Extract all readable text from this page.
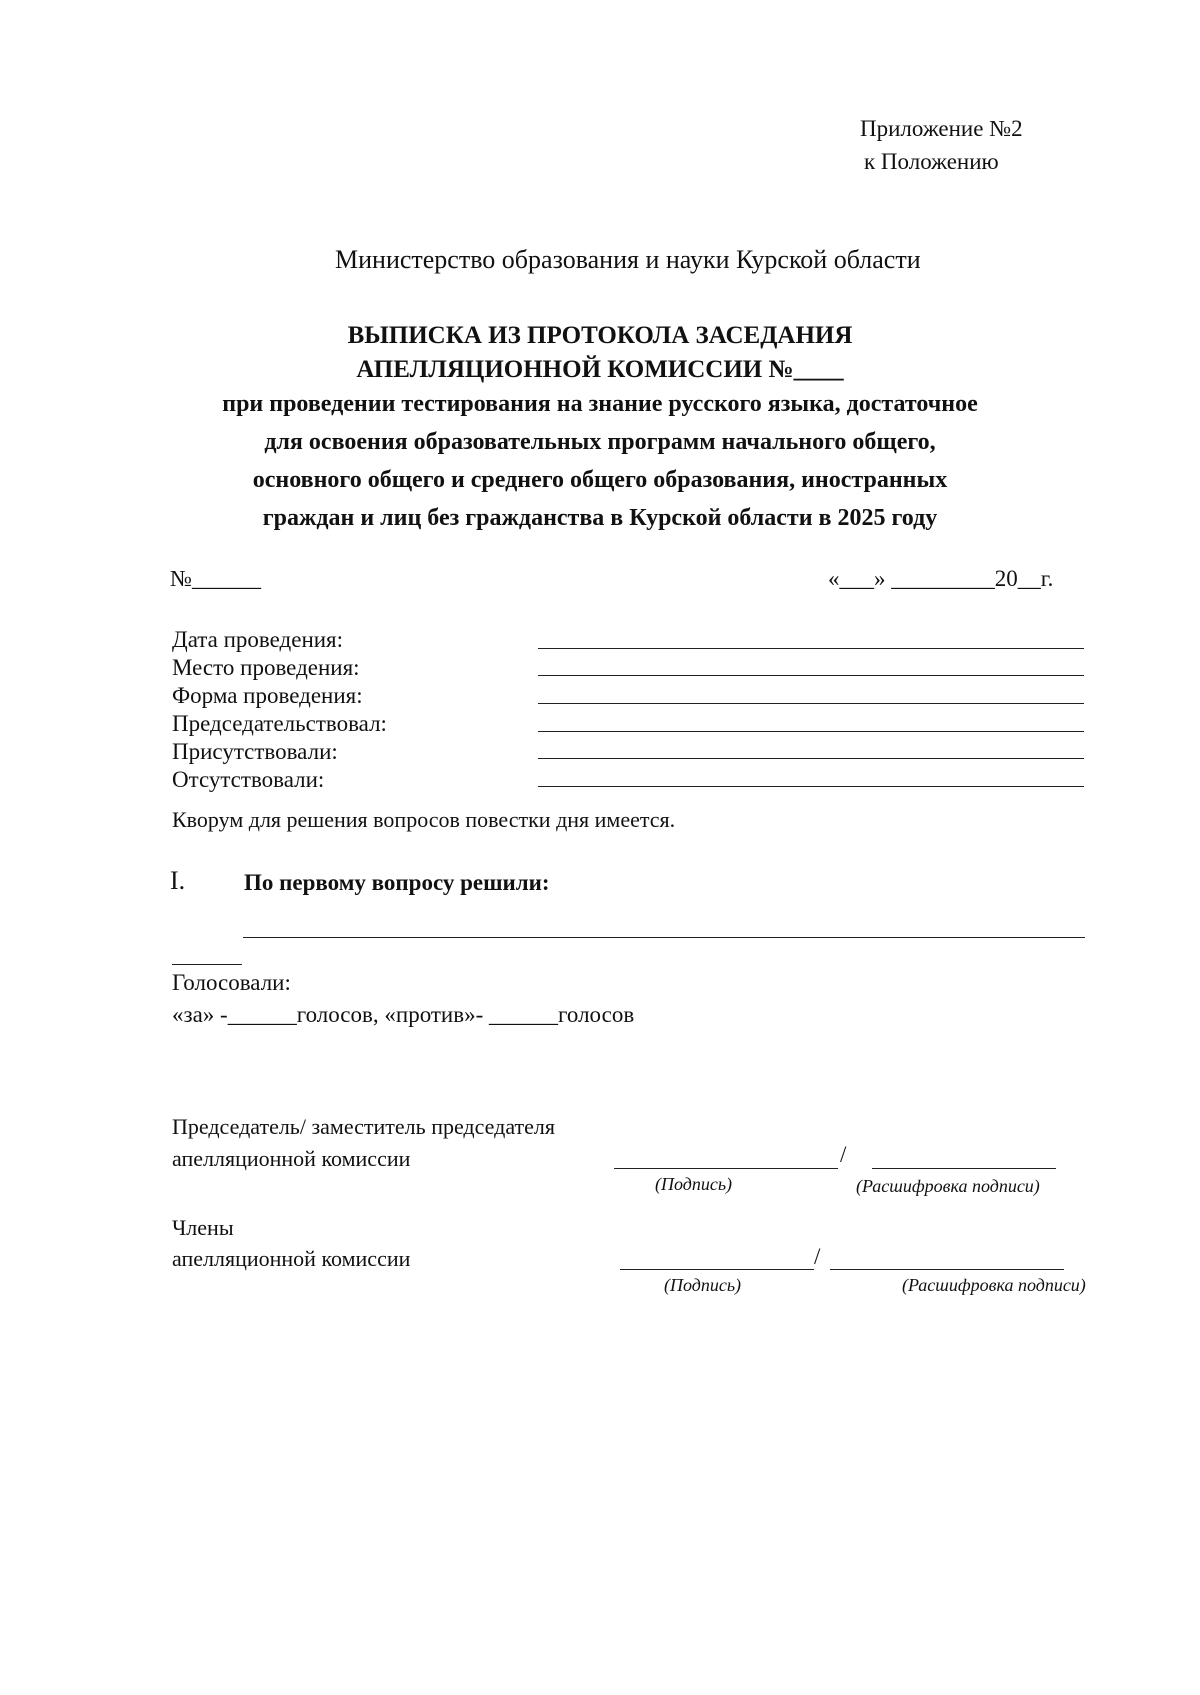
Приложение №2
к Положению
Министерство образования и науки Курской области
ВЫПИСКА ИЗ ПРОТОКОЛА ЗАСЕДАНИЯ
АПЕЛЛЯЦИОННОЙ КОМИССИИ №____
при проведении тестирования на знание русского языка, достаточное
для освоения образовательных программ начального общего,
основного общего и среднего общего образования, иностранных
граждан и лиц без гражданства в Курской области в 2025 году
№______	«___» _________20__г.
Дата проведения:
Место проведения:
Форма проведения:
Председательствовал:
Присутствовали:
Отсутствовали:
Кворум для решения вопросов повестки дня имеется.
I.	По первому вопросу решили:
Голосовали:
«за» -______голосов, «против»- ______голосов
Председатель/ заместитель председателя
апелляционной комиссии	/
(Подпись)	(Расшифровка подписи)
Члены
апелляционной комиссии	/
(Подпись)	(Расшифровка подписи)
